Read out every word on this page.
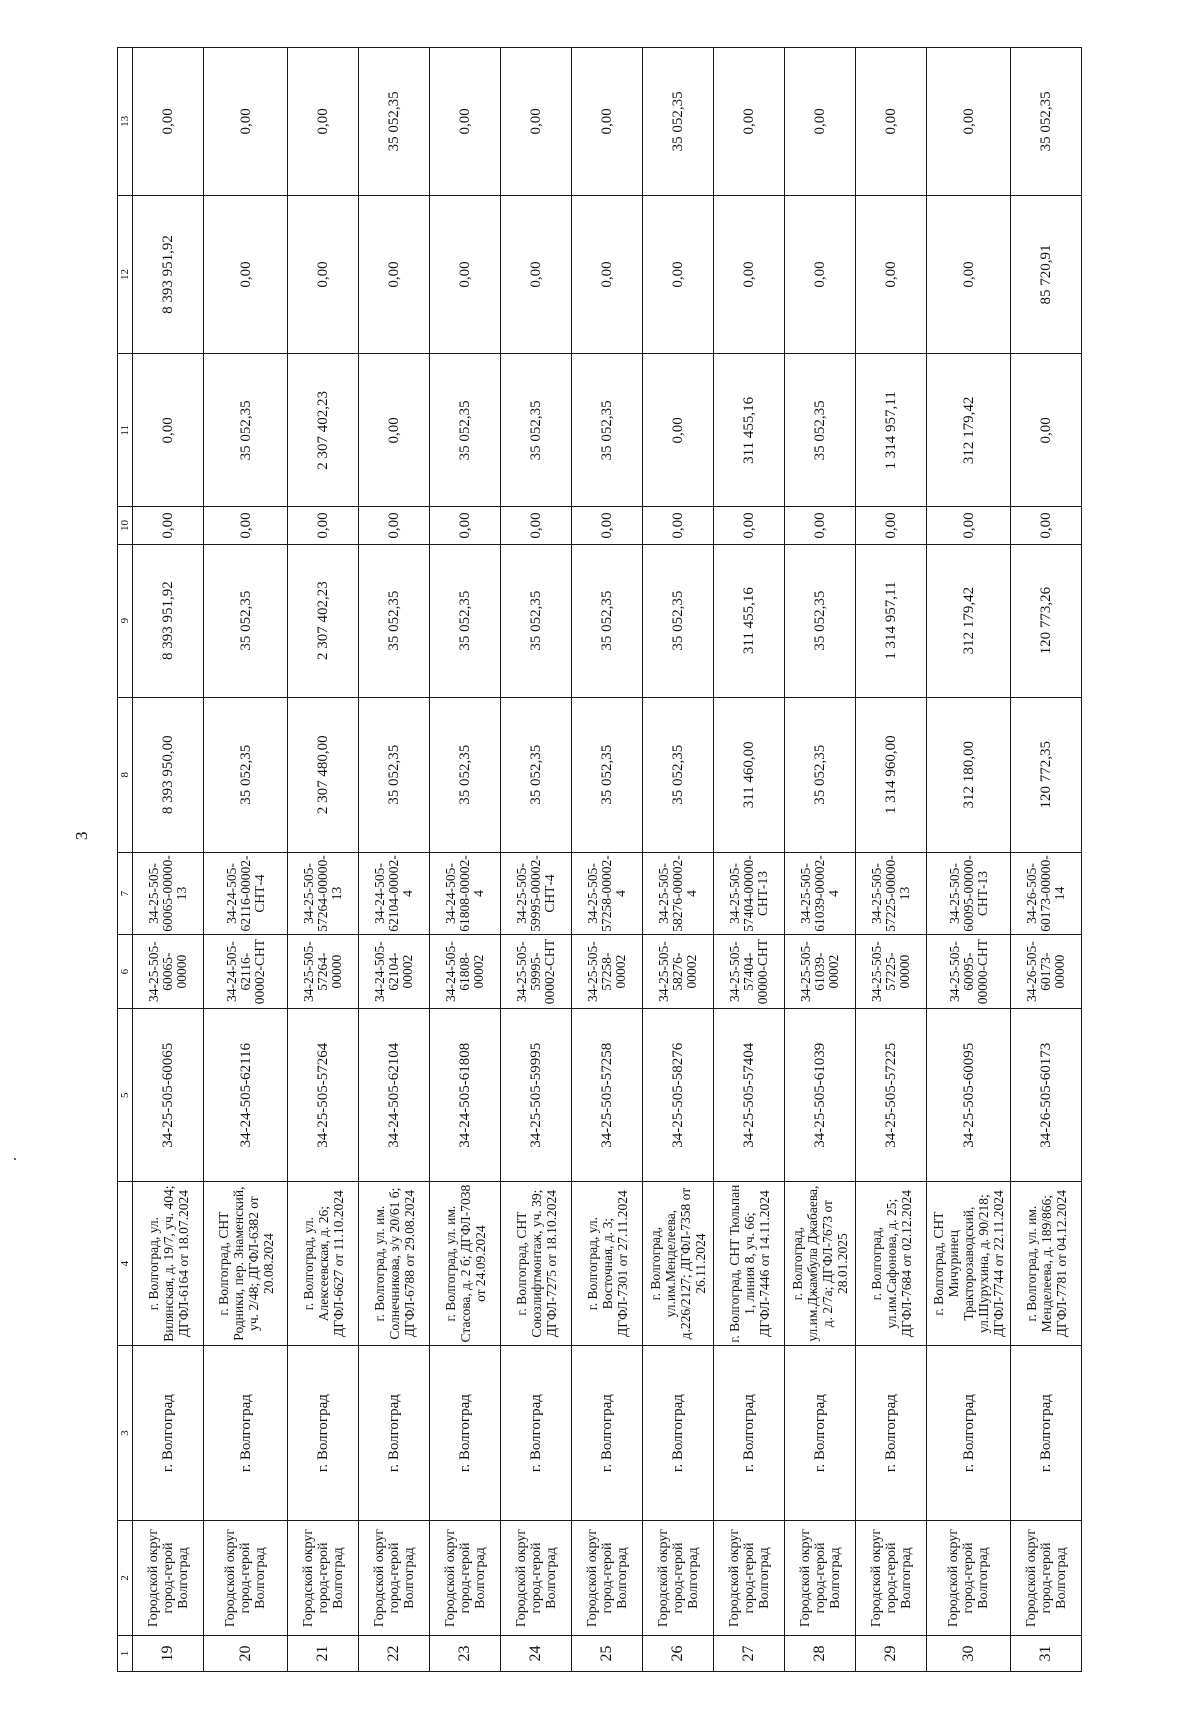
3
1	2	3	4	5	6	7	8	9	10	11	12	13
19	Городской округ город-герой Волгоград	г. Волгоград	г. Волгоград, ул. Вилянская, д. 19/7, уч. 404; ДГФЛ-6164 от 18.07.2024	34-25-505-60065	34-25-505-60065-00000	34-25-505-60065-00000-13	8 393 950,00	8 393 951,92	0,00	0,00	8 393 951,92	0,00
20	Городской округ город-герой Волгоград	г. Волгоград	г. Волгоград, СНТ Родники, пер. Знаменский, уч. 2/48; ДГФЛ-6382 от 20.08.2024	34-24-505-62116	34-24-505-62116-00002-СНТ	34-24-505-62116-00002-СНТ-4	35 052,35	35 052,35	0,00	35 052,35	0,00	0,00
21	Городской округ город-герой Волгоград	г. Волгоград	г. Волгоград, ул. Алексеевская, д. 26; ДГФЛ-6627 от 11.10.2024	34-25-505-57264	34-25-505-57264-00000	34-25-505-57264-00000-13	2 307 480,00	2 307 402,23	0,00	2 307 402,23	0,00	0,00
22	Городской округ город-герой Волгоград	г. Волгоград	г. Волгоград, ул. им. Солнечникова, з/у 20/61 б; ДГФЛ-6788 от 29.08.2024	34-24-505-62104	34-24-505-62104-00002	34-24-505-62104-00002-4	35 052,35	35 052,35	0,00	0,00	0,00	35 052,35
23	Городской округ город-герой Волгоград	г. Волгоград	г. Волгоград, ул. им. Стасова, д. 2 б; ДГФЛ-7038 от 24.09.2024	34-24-505-61808	34-24-505-61808-00002	34-24-505-61808-00002-4	35 052,35	35 052,35	0,00	35 052,35	0,00	0,00
24	Городской округ город-герой Волгоград	г. Волгоград	г. Волгоград, СНТ Союзлифтмонтаж, уч. 39; ДГФЛ-7275 от 18.10.2024	34-25-505-59995	34-25-505-59995-00002-СНТ	34-25-505-59995-00002-СНТ-4	35 052,35	35 052,35	0,00	35 052,35	0,00	0,00
25	Городской округ город-герой Волгоград	г. Волгоград	г. Волгоград, ул. Восточная, д. 3; ДГФЛ-7301 от 27.11.2024	34-25-505-57258	34-25-505-57258-00002	34-25-505-57258-00002-4	35 052,35	35 052,35	0,00	35 052,35	0,00	0,00
26	Городской округ город-герой Волгоград	г. Волгоград	г. Волгоград, ул.им.Менделеева, д.226/2127; ДГФЛ-7358 от 26.11.2024	34-25-505-58276	34-25-505-58276-00002	34-25-505-58276-00002-4	35 052,35	35 052,35	0,00	0,00	0,00	35 052,35
27	Городской округ город-герой Волгоград	г. Волгоград	г. Волгоград, СНТ Тюльпан 1, линия 8, уч. 66; ДГФЛ-7446 от 14.11.2024	34-25-505-57404	34-25-505-57404-00000-СНТ	34-25-505-57404-00000-СНТ-13	311 460,00	311 455,16	0,00	311 455,16	0,00	0,00
28	Городской округ город-герой Волгоград	г. Волгоград	г. Волгоград, ул.им.Джамбула Джабаева, д. 2/7а; ДГФЛ-7673 от 28.01.2025	34-25-505-61039	34-25-505-61039-00002	34-25-505-61039-00002-4	35 052,35	35 052,35	0,00	35 052,35	0,00	0,00
29	Городской округ город-герой Волгоград	г. Волгоград	г. Волгоград, ул.им.Сафонова, д. 25; ДГФЛ-7684 от 02.12.2024	34-25-505-57225	34-25-505-57225-00000	34-25-505-57225-00000-13	1 314 960,00	1 314 957,11	0,00	1 314 957,11	0,00	0,00
30	Городской округ город-герой Волгоград	г. Волгоград	г. Волгоград, СНТ Мичуринец Тракторозаводский, ул.Шурухина, д. 90/218; ДГФЛ-7744 от 22.11.2024	34-25-505-60095	34-25-505-60095-00000-СНТ	34-25-505-60095-00000-СНТ-13	312 180,00	312 179,42	0,00	312 179,42	0,00	0,00
31	Городской округ город-герой Волгоград	г. Волгоград	г. Волгоград, ул. им. Менделеева, д. 189/866; ДГФЛ-7781 от 04.12.2024	34-26-505-60173	34-26-505-60173-00000	34-26-505-60173-00000-14	120 772,35	120 773,26	0,00	0,00	85 720,91	35 052,35
